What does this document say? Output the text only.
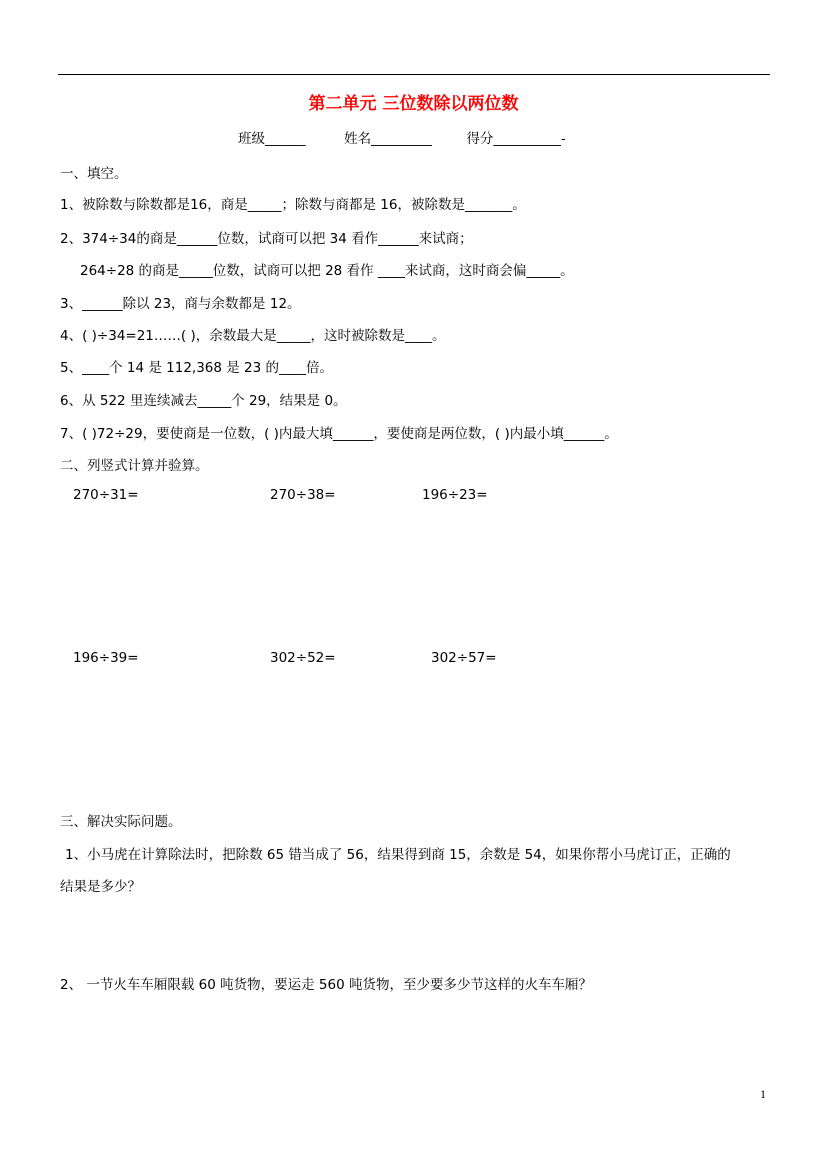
第二单元 三位数除以两位数
班级______	姓名_________	得分__________-
一、填空。
1、被除数与除数都是16，商是_____；除数与商都是 16，被除数是_______。
2、374÷34的商是______位数，试商可以把 34 看作______来试商；
264÷28 的商是_____位数，试商可以把 28 看作 ____来试商，这时商会偏_____。
3、______除以 23，商与余数都是 12。
4、( )÷34=21……( )，余数最大是_____，这时被除数是____。
5、____个 14 是 112,368 是 23 的____倍。
6、从 522 里连续减去_____个 29，结果是 0。
7、( )72÷29，要使商是一位数，( )内最大填______，要使商是两位数，( )内最小填______。
二、列竖式计算并验算。
270÷31=	270÷38=	196÷23=
196÷39=	302÷52=	302÷57=
三、解决实际问题。
1、小马虎在计算除法时，把除数 65 错当成了 56，结果得到商 15，余数是 54，如果你帮小马虎订正，正确的
结果是多少？
2、 一节火车车厢限载 60 吨货物，要运走 560 吨货物，至少要多少节这样的火车车厢？
1
